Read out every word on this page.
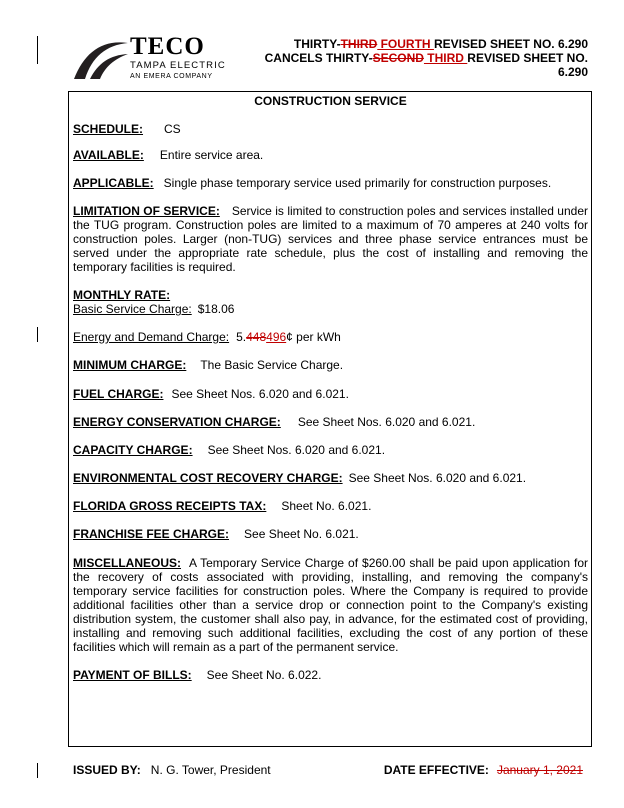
TECO
TAMPA ELECTRIC
AN EMERA COMPANY
THIRTY-THIRD FOURTH REVISED SHEET NO. 6.290
CANCELS THIRTY-SECOND THIRD REVISED SHEET NO.
6.290
CONSTRUCTION SERVICE
SCHEDULE: CS
AVAILABLE: Entire service area.
APPLICABLE: Single phase temporary service used primarily for construction purposes.

LIMITATION OF SERVICE: Service is limited to construction poles and services installed under the TUG program. Construction poles are limited to a maximum of 70 amperes at 240 volts for construction poles. Larger (non-TUG) services and three phase service entrances must be served under the appropriate rate schedule, plus the cost of installing and removing the temporary facilities is required.

MONTHLY RATE:
Basic Service Charge: $18.06
Energy and Demand Charge: 5.448496¢ per kWh
MINIMUM CHARGE: The Basic Service Charge.
FUEL CHARGE: See Sheet Nos. 6.020 and 6.021.
ENERGY CONSERVATION CHARGE: See Sheet Nos. 6.020 and 6.021.
CAPACITY CHARGE: See Sheet Nos. 6.020 and 6.021.
ENVIRONMENTAL COST RECOVERY CHARGE: See Sheet Nos. 6.020 and 6.021.
FLORIDA GROSS RECEIPTS TAX: Sheet No. 6.021.
FRANCHISE FEE CHARGE: See Sheet No. 6.021.

MISCELLANEOUS: A Temporary Service Charge of $260.00 shall be paid upon application for the recovery of costs associated with providing, installing, and removing the company's temporary service facilities for construction poles. Where the Company is required to provide additional facilities other than a service drop or connection point to the Company's existing distribution system, the customer shall also pay, in advance, for the estimated cost of providing, installing and removing such additional facilities, excluding the cost of any portion of these facilities which will remain as a part of the permanent service.

PAYMENT OF BILLS: See Sheet No. 6.022.
ISSUED BY: N. G. Tower, President	DATE EFFECTIVE: January 1, 2021
